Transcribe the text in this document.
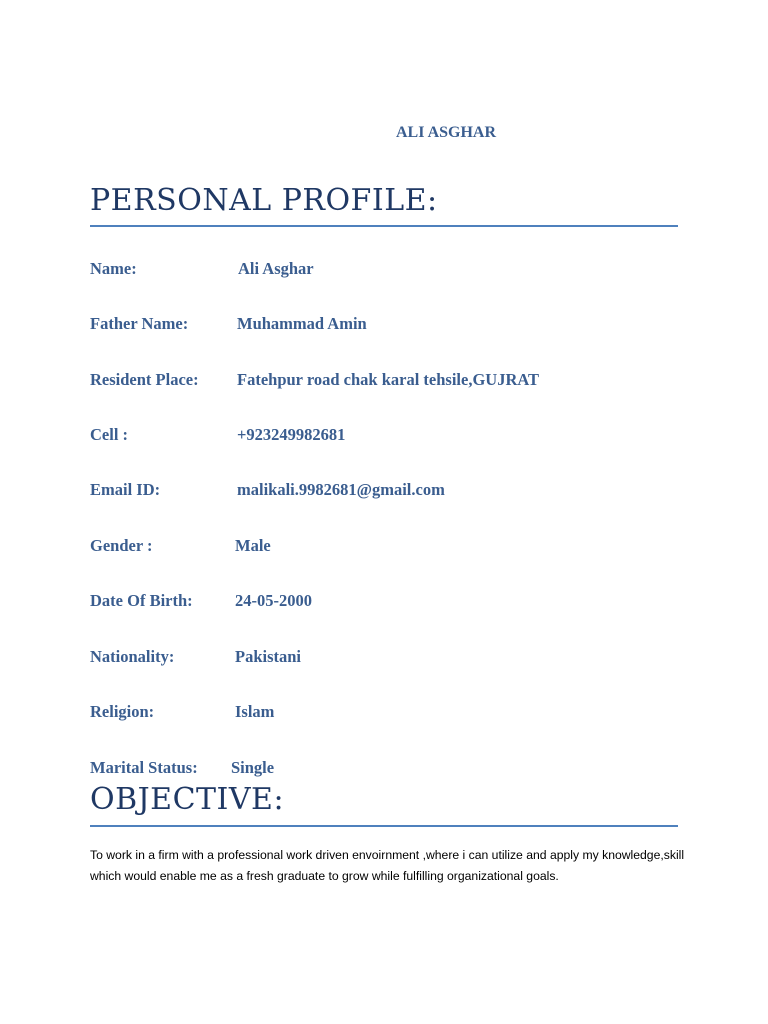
ALI ASGHAR

PERSONAL PROFILE:
Name:	Ali Asghar
Father Name:	Muhammad Amin
Resident Place: Fatehpur road chak karal tehsile,GUJRAT
Cell :	+923249982681
Email ID:	malikali.9982681@gmail.com
Gender :	Male
Date Of Birth:	24-05-2000
Nationality:	Pakistani
Religion:	Islam
Marital Status: Single
OBJECTIVE:

To work in a firm with a professional work driven envoirnment ,where i can utilize and apply my knowledge,skill which would enable me as a fresh graduate to grow while fulfilling organizational goals.
